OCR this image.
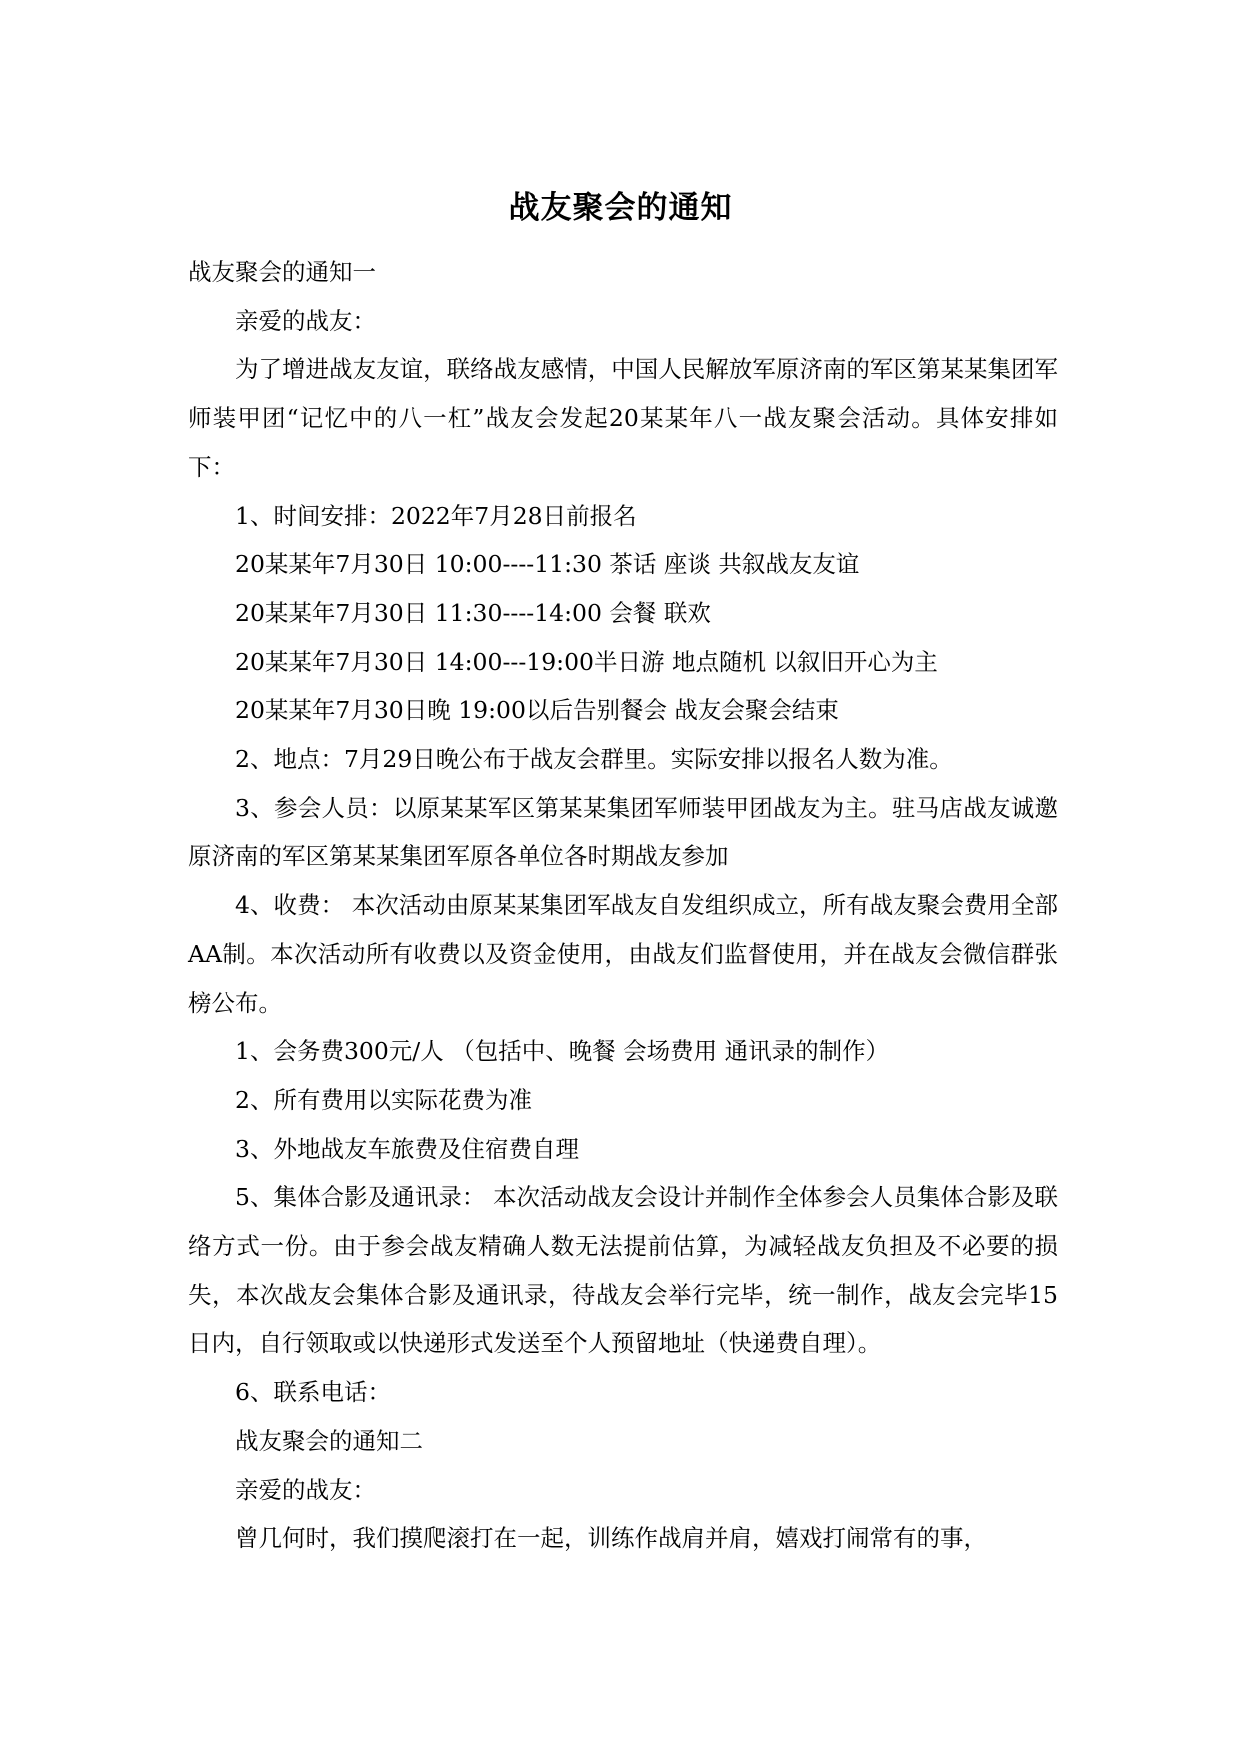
战友聚会的通知

战友聚会的通知一

亲爱的战友：

为了增进战友友谊，联络战友感情，中国人民解放军原济南的军区第某某集团军师装甲团“记忆中的八一杠”战友会发起20某某年八一战友聚会活动。具体安排如下：

1、时间安排：2022年7月28日前报名

20某某年7月30日 10:00----11:30 茶话 座谈 共叙战友友谊

20某某年7月30日 11:30----14:00 会餐 联欢

20某某年7月30日 14:00---19:00半日游 地点随机 以叙旧开心为主

20某某年7月30日晚 19:00以后告别餐会 战友会聚会结束

2、地点：7月29日晚公布于战友会群里。实际安排以报名人数为准。

3、参会人员：以原某某军区第某某集团军师装甲团战友为主。驻马店战友诚邀原济南的军区第某某集团军原各单位各时期战友参加

4、收费： 本次活动由原某某集团军战友自发组织成立，所有战友聚会费用全部AA制。本次活动所有收费以及资金使用，由战友们监督使用，并在战友会微信群张榜公布。

1、会务费300元/人 （包括中、晚餐 会场费用 通讯录的制作）

2、所有费用以实际花费为准

3、外地战友车旅费及住宿费自理

5、集体合影及通讯录： 本次活动战友会设计并制作全体参会人员集体合影及联络方式一份。由于参会战友精确人数无法提前估算，为减轻战友负担及不必要的损失，本次战友会集体合影及通讯录，待战友会举行完毕，统一制作，战友会完毕15日内，自行领取或以快递形式发送至个人预留地址（快递费自理）。

6、联系电话：

战友聚会的通知二

亲爱的战友：

曾几何时，我们摸爬滚打在一起，训练作战肩并肩，嬉戏打闹常有的事，
